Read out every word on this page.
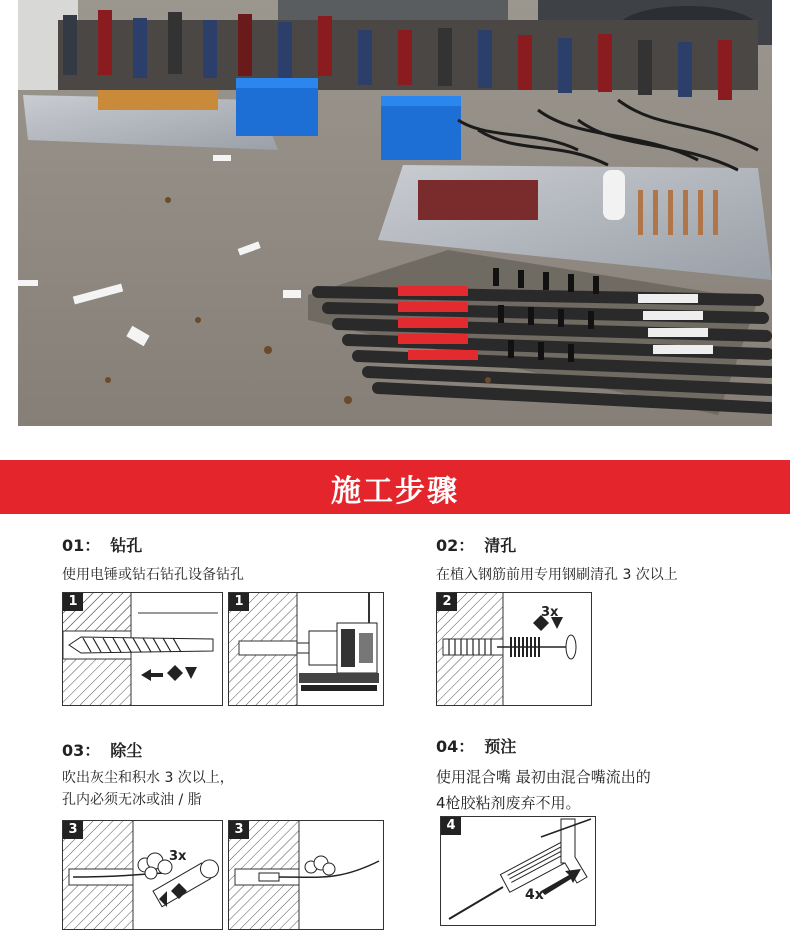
施工步骤
01： 钻孔
使用电锤或钻石钻孔设备钻孔
1	1
02： 清孔
在植入钢筋前用专用钢刷清孔 3 次以上
2
3x
03： 除尘
吹出灰尘和积水 3 次以上，
孔内必须无冰或油 / 脂
3
3x
3
04： 预注
使用混合嘴 最初由混合嘴流出的
4枪胶粘剂废弃不用。
4
4x
